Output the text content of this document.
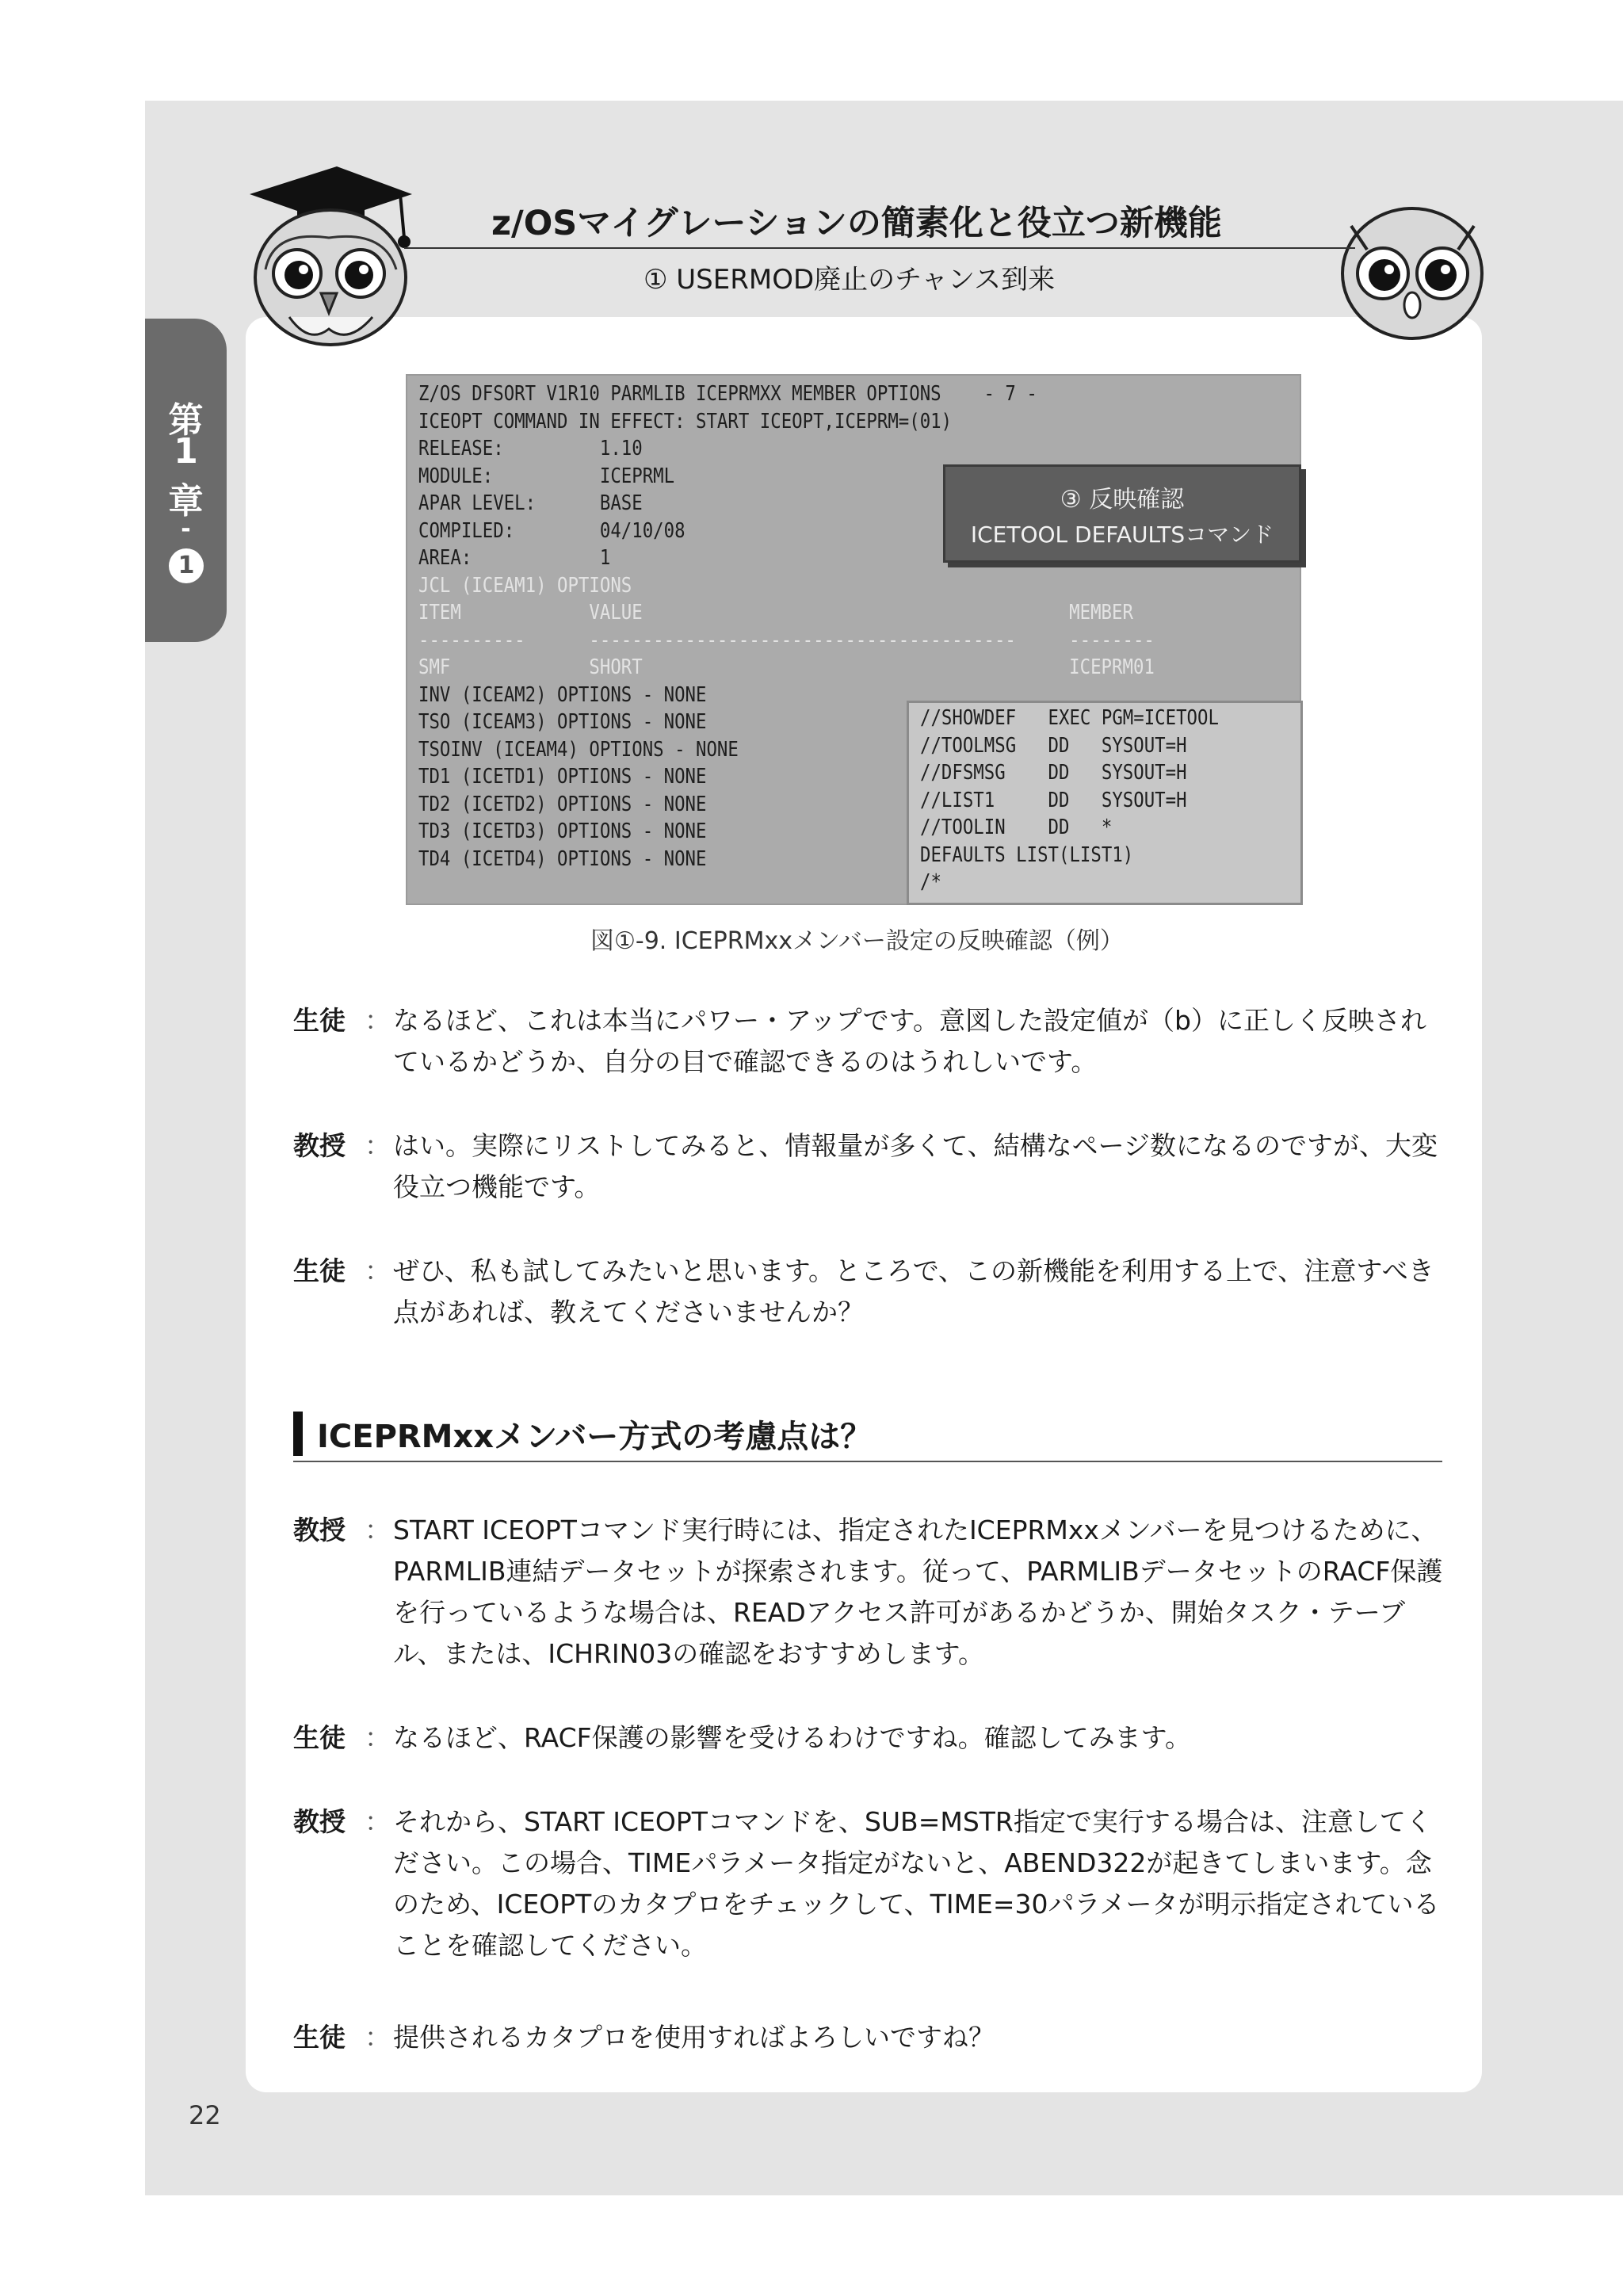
第
1
章
-
1
z/OSマイグレーションの簡素化と役立つ新機能
① USERMOD廃止のチャンス到来
Z/OS DFSORT V1R10 PARMLIB ICEPRMXX MEMBER OPTIONS    - 7 -
ICEOPT COMMAND IN EFFECT: START ICEOPT,ICEPRM=(01)
RELEASE:         1.10
MODULE:          ICEPRML
APAR LEVEL:      BASE
COMPILED:        04/10/08
AREA:            1
JCL (ICEAM1) OPTIONS
ITEM            VALUE                                        MEMBER
----------      ----------------------------------------     --------
SMF             SHORT                                        ICEPRM01
INV (ICEAM2) OPTIONS - NONE
TSO (ICEAM3) OPTIONS - NONE
TSOINV (ICEAM4) OPTIONS - NONE
TD1 (ICETD1) OPTIONS - NONE
TD2 (ICETD2) OPTIONS - NONE
TD3 (ICETD3) OPTIONS - NONE
TD4 (ICETD4) OPTIONS - NONE
③ 反映確認
ICETOOL DEFAULTSコマンド
//SHOWDEF   EXEC PGM=ICETOOL
//TOOLMSG   DD   SYSOUT=H
//DFSMSG    DD   SYSOUT=H
//LIST1     DD   SYSOUT=H
//TOOLIN    DD   *
DEFAULTS LIST(LIST1)
/*
図①-9. ICEPRMxxメンバー設定の反映確認（例）
生徒 ： なるほど、これは本当にパワー・アップです。意図した設定値が（b）に正しく反映されているかどうか、自分の目で確認できるのはうれしいです。
教授 ： はい。実際にリストしてみると、情報量が多くて、結構なページ数になるのですが、大変役立つ機能です。
生徒 ： ぜひ、私も試してみたいと思います。ところで、この新機能を利用する上で、注意すべき点があれば、教えてくださいませんか？
ICEPRMxxメンバー方式の考慮点は？
教授 ： START ICEOPTコマンド実行時には、指定されたICEPRMxxメンバーを見つけるために、PARMLIB連結データセットが探索されます。従って、PARMLIBデータセットのRACF保護を行っているような場合は、READアクセス許可があるかどうか、開始タスク・テーブル、または、ICHRIN03の確認をおすすめします。
生徒 ： なるほど、RACF保護の影響を受けるわけですね。確認してみます。
教授 ： それから、START ICEOPTコマンドを、SUB=MSTR指定で実行する場合は、注意してください。この場合、TIMEパラメータ指定がないと、ABEND322が起きてしまいます。念のため、ICEOPTのカタプロをチェックして、TIME=30パラメータが明示指定されていることを確認してください。
生徒 ： 提供されるカタプロを使用すればよろしいですね？
22
